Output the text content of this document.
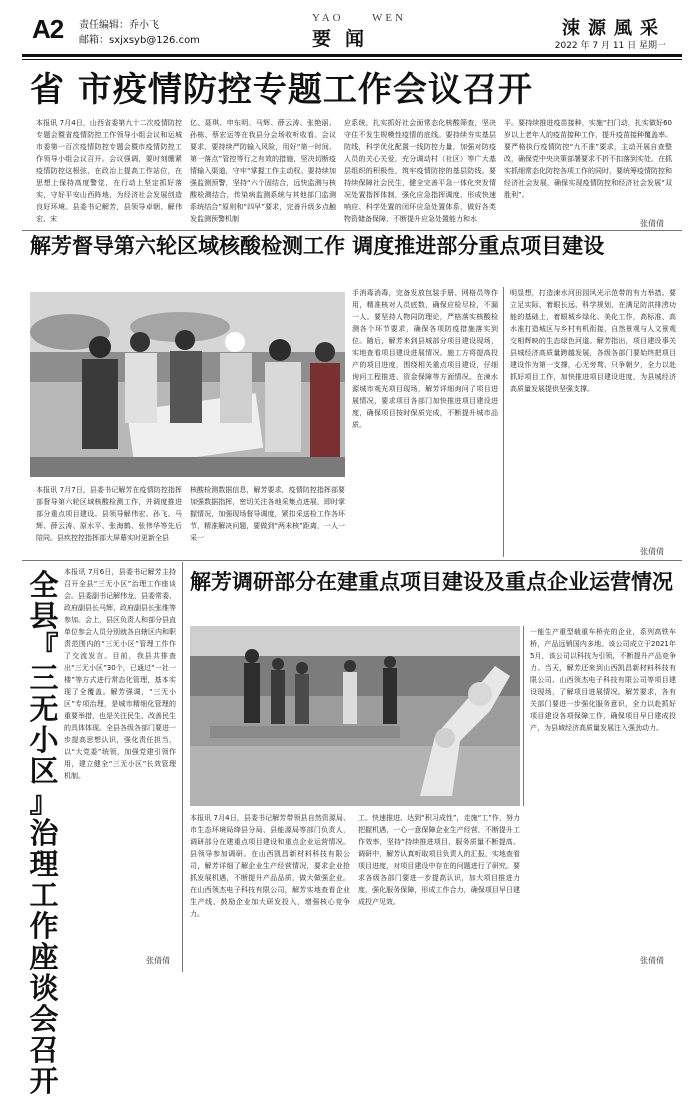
A2 责任编辑：乔小飞
邮箱：sxjxsyb@126.com
YAO	WEN
要闻	涑源風采
2022 年 7 月 11 日 星期一
省 市疫情防控专题工作会议召开
本报讯 7月4日，山西省委第九十二次疫情防控专题会暨省疫情防控工作领导小组会议和运城市委第一百次疫情防控专题会暨市疫情防控工作领导小组会议召开。会议强调，要时刻绷紧疫情防控这根弦，在政治上提高工作站位，在思想上保持高度警觉，在行动上坚定抓好落实，守好平安山西阵地，为经济社会发展创造良好环境。县委书记解芳，县领导卓朝、解伟宏、宋
亿、聂琪、申东明、马辉、薛云涛、张艳丽、孙栋、蔡宏运等在我县分会场收听收看。会议要求，要持续严防输入风险，用好“第一时间、第一落点”管控等行之有效的措施，坚决切断疫情输入渠道，守牢“掌握工作主动权。要持续加强监测预警，坚持“六个固结合，远快监测与核酸检测结合，传染病监测系统与其他部门监测系统结合”原则和“四早”要求，完善升级多点触发监测预警机制
应系统，扎实抓好社会面常态化核酸筛查，坚决守住不发生规模性疫情的底线。要持续夯实基层防线，科学优化配置一线防控力量，加强对防疫人员的关心关爱，充分调动村（社区）等广大基层组织的积极性，筑牢疫情防控的基层防线。要持续保障社会民生，健全完善平急一体化突发情况处置指挥体制，强化应急指挥调度，形成快速响应、科学处置的闭环应急处置体系，做好各类物资储备保障，不断提升应急处置能力和水
平。要持续推进疫苗接种，实施“扫门动，扎实做好60岁以上老年人的疫苗接种工作，提升疫苗接种覆盖率。要严格执行疫情防控“九不准”要求，主动开展自查整改，确保党中央决策部署要求不折不扣落到实处。在抓实抓细常态化防控各项工作的同时，要统筹疫情防控和经济社会发展，确保实现疫情防控和经济社会发展“双胜利”。
张倩倩
解芳督导第六轮区域核酸检测工作 调度推进部分重点项目建设
手消毒消毒，完备发放包装手册、网格员等作用，精准核对人员底数，确保应检尽检，不漏一人。要坚持人物同防理论，严格落实核酸检测各个环节要求，确保各项防疫措施落实到位。随后，解芳来到县城部分项目建设现场，实地查看项目建设进展情况。施工方将提高投产的项目进度，围绕相关重点项目建设，仔细询问工程推进、资金保障等方面情况。在涑水源城市观光项目现场，解芳详细询问了项目进展情况，要求项目各部门加快推进项目建设进度，确保项目按时保质完成，不断提升城市品质。
明显想，打造涑水河田园风光示范带的有力举措。要立足实际、着眼长远、科学规划，在满足防洪排涝功能的基础上，着眼城乡绿化、美化工作，高标准、高水准打造城区与乡村有机衔接，自然景观与人文景观交相辉映的生态绿色河道。解芳指出，项目建设事关县城经济高质量跨越发展，各级各部门要始终把项目建设作为第一支撑，心无旁骛、只争朝夕，全力以赴抓好项目工作，加快推进项目建设进度，为县城经济高质量发展提供坚强支撑。
本报讯 7月7日，县委书记解芳在疫情防控指挥部督导第六轮区域核酸检测工作，并调度推进部分重点项目建设。县领导解伟宏、孙飞、马辉、薛云涛、原水平、张海鹤、张伟华等先后陪同。县疾控控指挥部大屏幕实时更新全县
核酸检测数据信息，解芳要求，疫情防控指挥部要加强数据指挥，密切关注各地采集点进展，即时掌握情况，加强现场督导调度，紧扣采送检工作各环节，精准解决问题，要做到“两未核”距离，一人一采一
张倩倩
全
县
『
三
无
小
区
』
治
理
工
作
座
谈
会
召
开
本报讯 7月6日，县委书记解芳主持召开全县“三无小区”治理工作座谈会。县委副书记解伟龙，县委常委、政府副县长马辉，政府副县长张维等参加。会上，县区负责人和部分县直单位参会人员分别就各自辖区内和职责范围内的“三无小区”管理工作作了交流发言。目前，我县共排查出“三无小区”30个，已通过“一社一楼”等方式进行常态化管理，基本实现了全覆盖。解芳强调，“三无小区”专项治理，是城市精细化管理的重要举措，也是关注民生、改善民生的具体体现。全县各级各部门要进一步提高思想认识，强化责任担当，以“大党委”统领，加强党建引领作用，建立健全“三无小区”长效管理机制。
张倩倩
解芳调研部分在建重点项目建设及重点企业运营情况
一能生产重型载重车桥壳的企业，系列高铁车桥，产品远销国内多地。该公司成立于2021年5月，该公司以科技为引领，不断提升产品竞争力。当天，解芳还来到山西凯昌新材料科技有限公司、山西领杰电子科技有限公司等项目建设现场，了解项目进展情况。解芳要求，各有关部门要进一步强化服务意识，全力以赴抓好项目建设各项保障工作，确保项目早日建成投产，为县域经济高质量发展注入强劲动力。
本报讯 7月4日，县委书记解芳带领县自然资源局、市生态环境局绛县分局、县能源局等部门负责人，调研部分在建重点项目建设和重点企业运营情况。县领导参加调研。在山西凯昌新材料科技有限公司，解芳详细了解企业生产经营情况，要求企业抢抓发展机遇，不断提升产品品质，做大做强企业。在山西领杰电子科技有限公司，解芳实地查看企业生产线，鼓励企业加大研发投入，增强核心竞争力。
工。快速推进、达到“积习成性”，走施“工”作，努力把握机遇，一心一意保障企业生产经营，不断提升工作效率，坚持“持续推进项目，服务质量不断提高。调研中，解芳认真听取项目负责人的汇报，实地查看项目进度，对项目建设中存在的问题进行了研究。要求各级各部门要进一步提高认识，加大项目推进力度，强化服务保障，形成工作合力，确保项目早日建成投产见效。
张倩倩
